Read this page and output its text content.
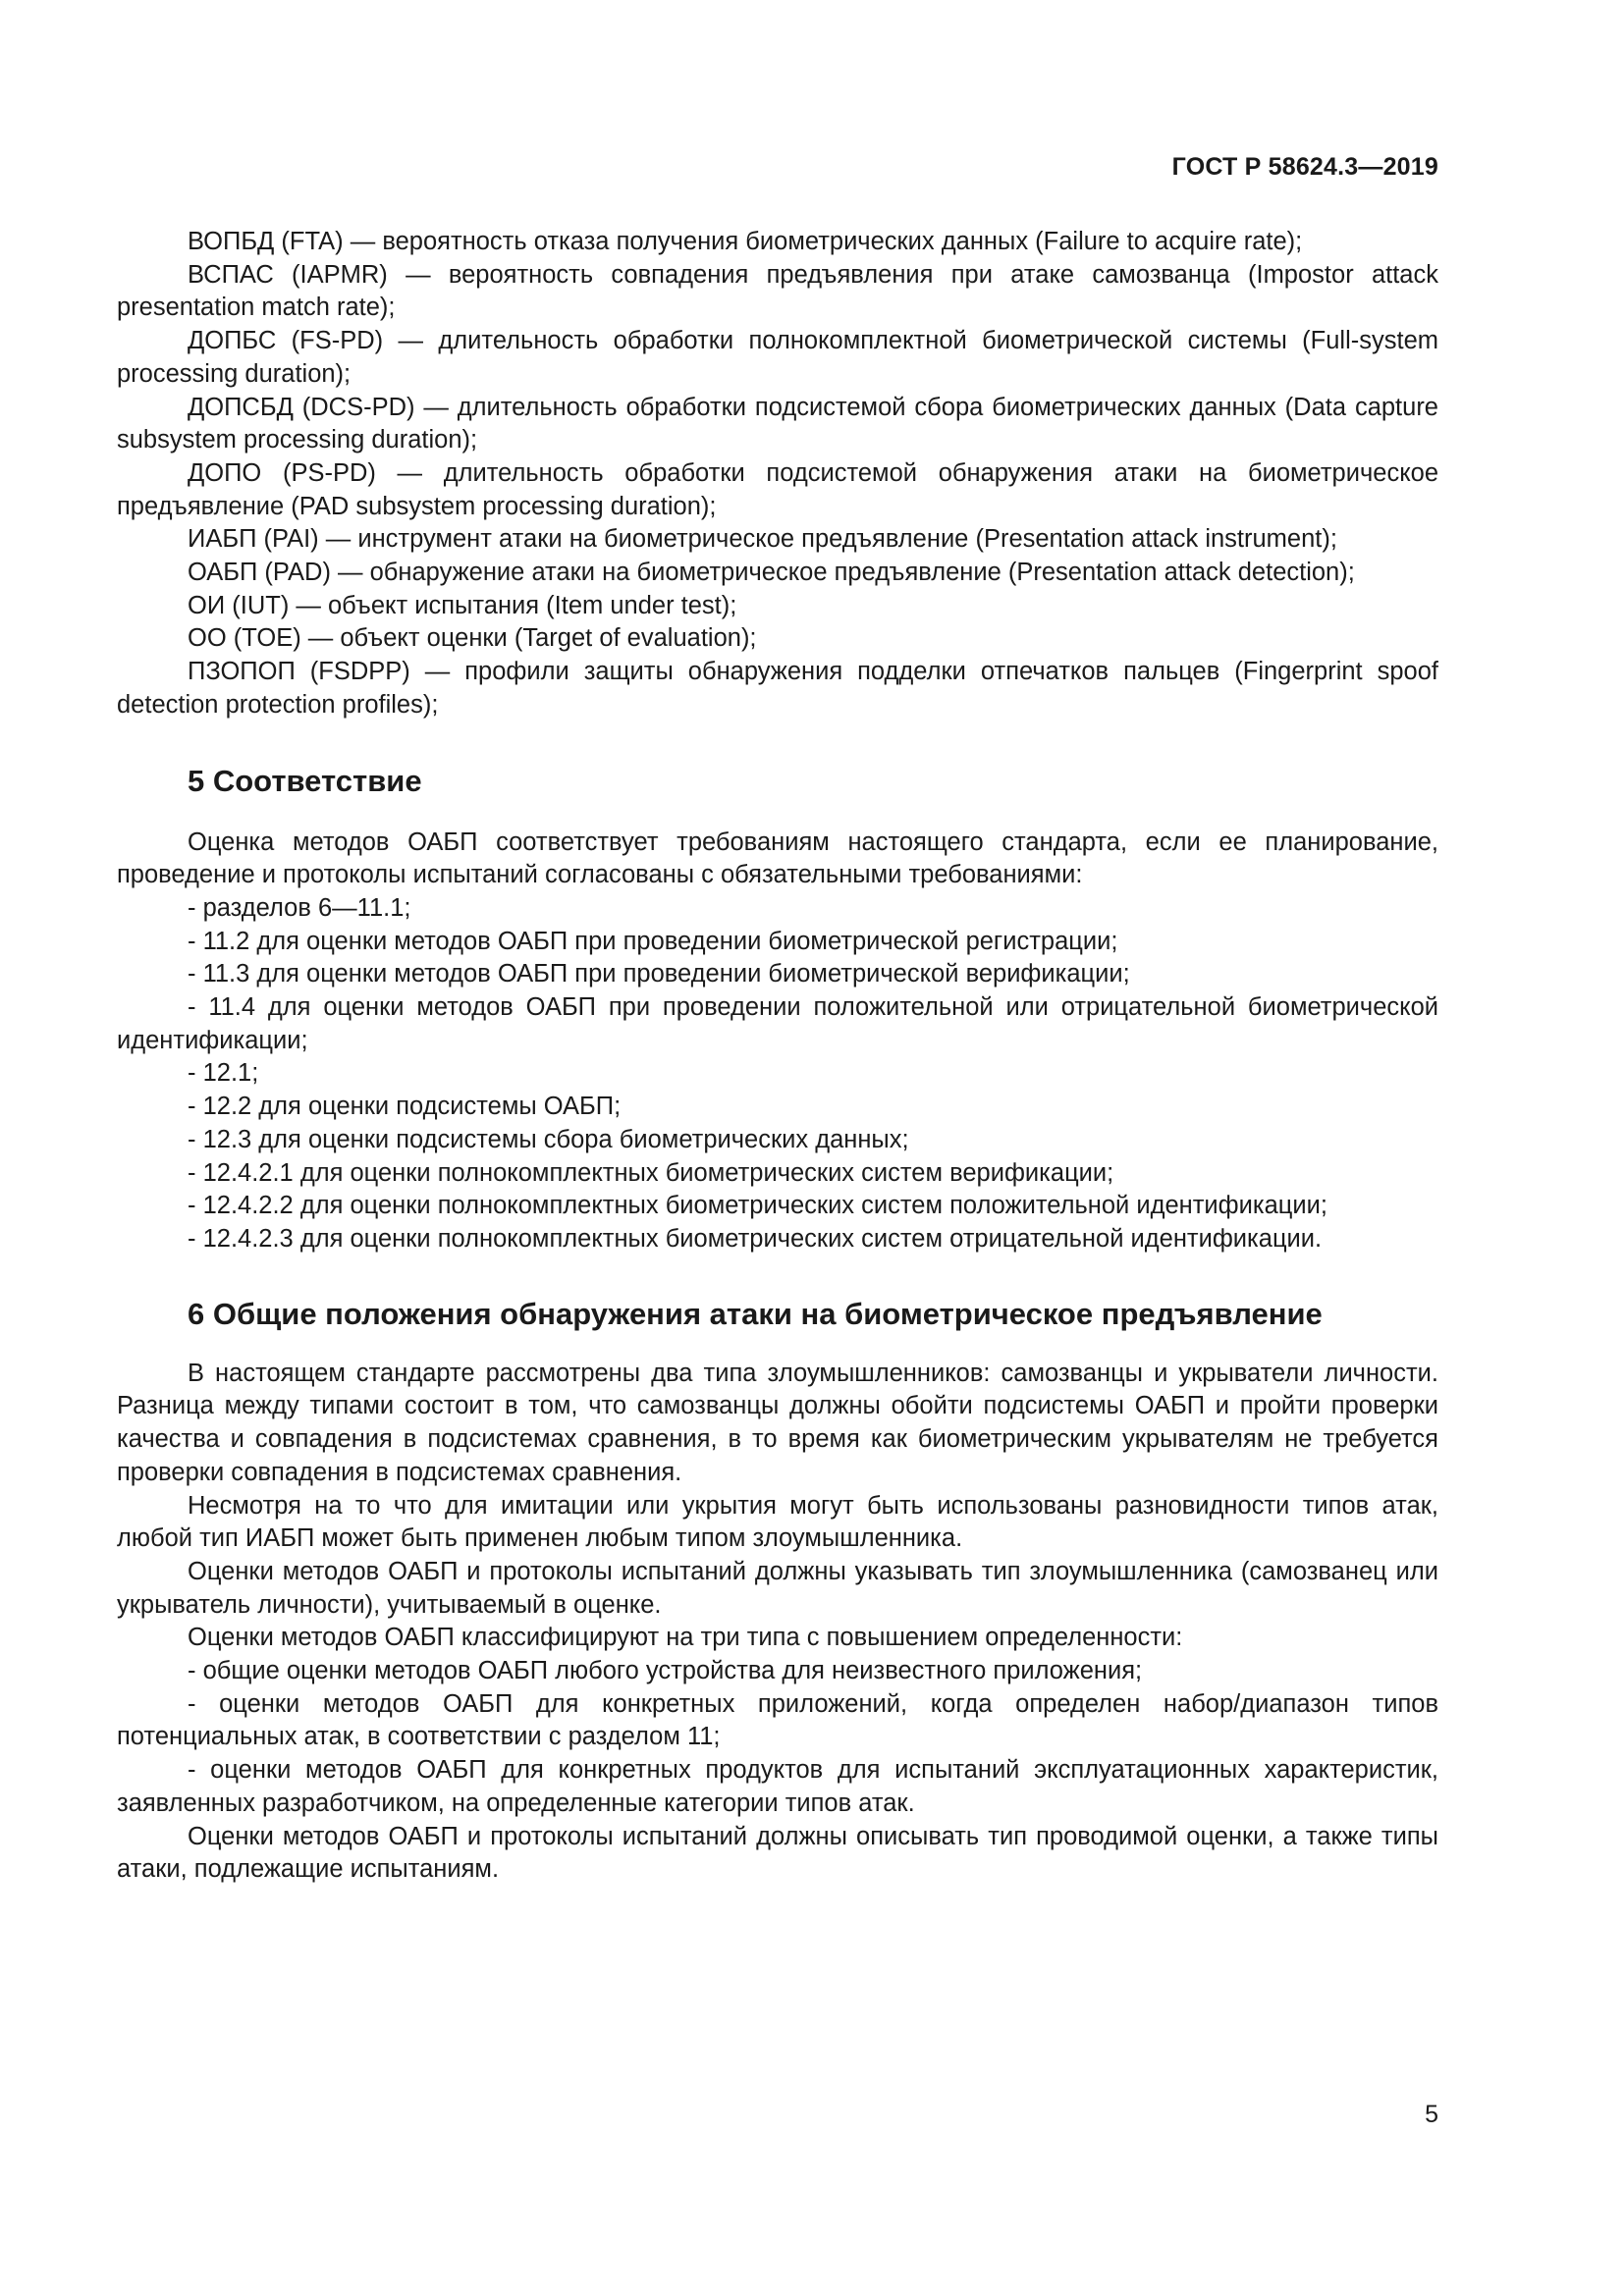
ГОСТ Р 58624.3—2019

ВОПБД (FTA) — вероятность отказа получения биометрических данных (Failure to acquire rate);

ВСПАС (IAPMR) — вероятность совпадения предъявления при атаке самозванца (Impostor attack presentation match rate);

ДОПБС (FS-PD) — длительность обработки полнокомплектной биометрической системы (Full-system processing duration);

ДОПСБД (DCS-PD) — длительность обработки подсистемой сбора биометрических данных (Data capture subsystem processing duration);

ДОПО (PS-PD) — длительность обработки подсистемой обнаружения атаки на биометрическое предъявление (PAD subsystem processing duration);

ИАБП (PAI) — инструмент атаки на биометрическое предъявление (Presentation attack instrument);

ОАБП (PAD) — обнаружение атаки на биометрическое предъявление (Presentation attack detection);

ОИ (IUT) — объект испытания (Item under test);

ОО (TOE) — объект оценки (Target of evaluation);

ПЗОПОП (FSDPP) — профили защиты обнаружения подделки отпечатков пальцев (Fingerprint spoof detection protection profiles);

5 Соответствие

Оценка методов ОАБП соответствует требованиям настоящего стандарта, если ее планирование, проведение и протоколы испытаний согласованы с обязательными требованиями:

- разделов 6—11.1;

- 11.2 для оценки методов ОАБП при проведении биометрической регистрации;

- 11.3 для оценки методов ОАБП при проведении биометрической верификации;

- 11.4 для оценки методов ОАБП при проведении положительной или отрицательной биометрической идентификации;

- 12.1;

- 12.2 для оценки подсистемы ОАБП;

- 12.3 для оценки подсистемы сбора биометрических данных;

- 12.4.2.1 для оценки полнокомплектных биометрических систем верификации;

- 12.4.2.2 для оценки полнокомплектных биометрических систем положительной идентификации;

- 12.4.2.3 для оценки полнокомплектных биометрических систем отрицательной идентификации.

6 Общие положения обнаружения атаки на биометрическое предъявление

В настоящем стандарте рассмотрены два типа злоумышленников: самозванцы и укрыватели личности. Разница между типами состоит в том, что самозванцы должны обойти подсистемы ОАБП и пройти проверки качества и совпадения в подсистемах сравнения, в то время как биометрическим укрывателям не требуется проверки совпадения в подсистемах сравнения.

Несмотря на то что для имитации или укрытия могут быть использованы разновидности типов атак, любой тип ИАБП может быть применен любым типом злоумышленника.

Оценки методов ОАБП и протоколы испытаний должны указывать тип злоумышленника (самозванец или укрыватель личности), учитываемый в оценке.

Оценки методов ОАБП классифицируют на три типа с повышением определенности:

- общие оценки методов ОАБП любого устройства для неизвестного приложения;

- оценки методов ОАБП для конкретных приложений, когда определен набор/диапазон типов потенциальных атак, в соответствии с разделом 11;

- оценки методов ОАБП для конкретных продуктов для испытаний эксплуатационных характеристик, заявленных разработчиком, на определенные категории типов атак.

Оценки методов ОАБП и протоколы испытаний должны описывать тип проводимой оценки, а также типы атаки, подлежащие испытаниям.

5
